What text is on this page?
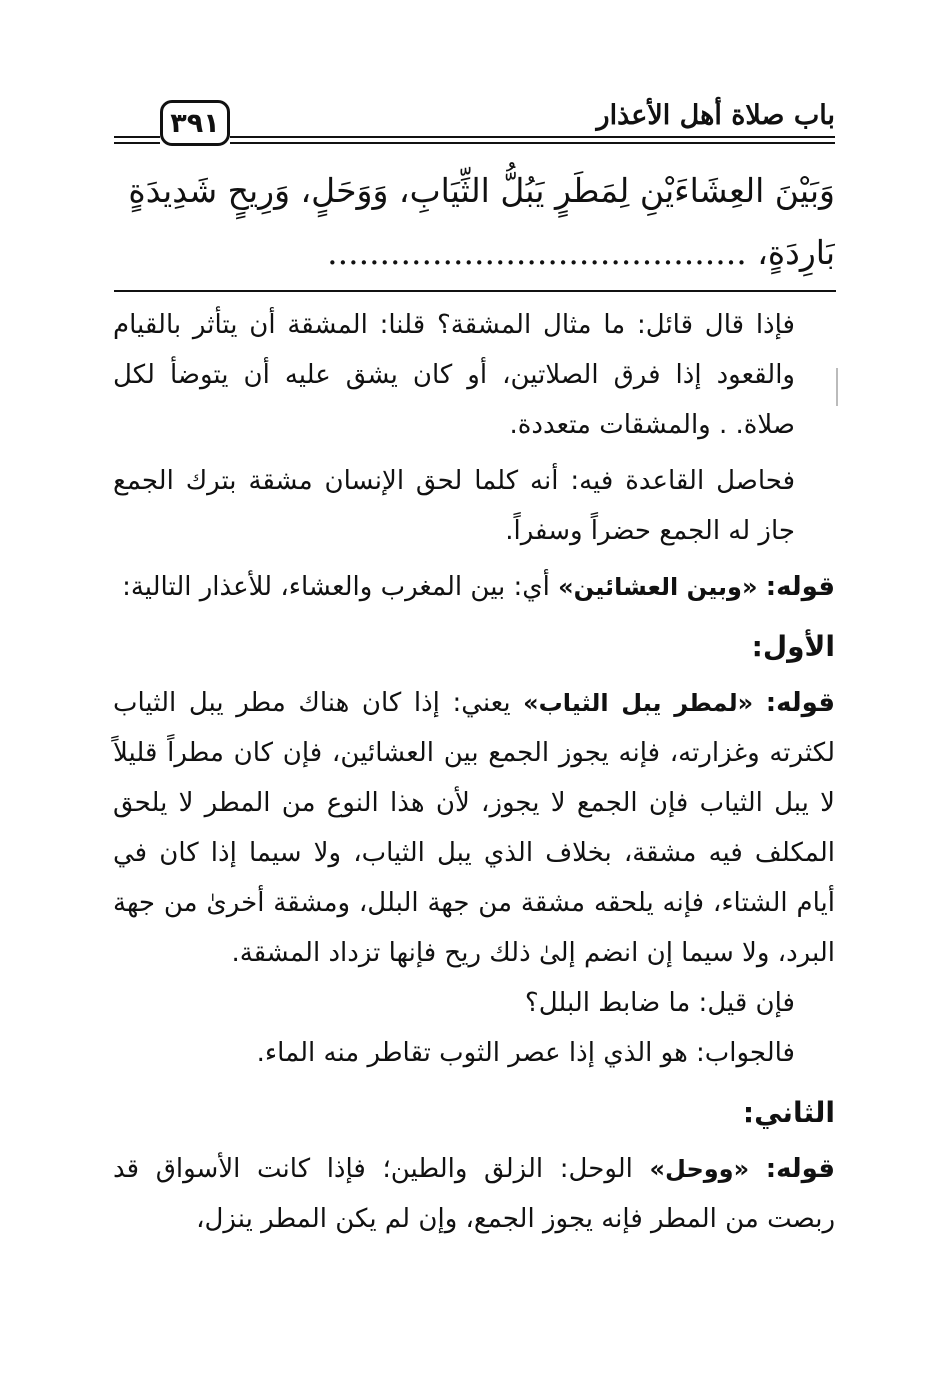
باب صلاة أهل الأعذار
٣٩١
وَبَيْنَ العِشَاءَيْنِ لِمَطَرٍ يَبُلُّ الثِّيَابِ، وَوَحَلٍ، وَرِيحٍ شَدِيدَةٍ
بَارِدَةٍ، ........................................

فإذا قال قائل: ما مثال المشقة؟ قلنا: المشقة أن يتأثر بالقيام والقعود إذا فرق الصلاتين، أو كان يشق عليه أن يتوضأ لكل صلاة. . والمشقات متعددة.

فحاصل القاعدة فيه: أنه كلما لحق الإنسان مشقة بترك الجمع جاز له الجمع حضراً وسفراً.

قوله: «وبين العشائين» أي: بين المغرب والعشاء، للأعذار التالية:

الأول:

قوله: «لمطر يبل الثياب» يعني: إذا كان هناك مطر يبل الثياب لكثرته وغزارته، فإنه يجوز الجمع بين العشائين، فإن كان مطراً قليلاً لا يبل الثياب فإن الجمع لا يجوز، لأن هذا النوع من المطر لا يلحق المكلف فيه مشقة، بخلاف الذي يبل الثياب، ولا سيما إذا كان في أيام الشتاء، فإنه يلحقه مشقة من جهة البلل، ومشقة أخرىٰ من جهة البرد، ولا سيما إن انضم إلىٰ ذلك ريح فإنها تزداد المشقة.

فإن قيل: ما ضابط البلل؟

فالجواب: هو الذي إذا عصر الثوب تقاطر منه الماء.

الثاني:

قوله: «ووحل» الوحل: الزلق والطين؛ فإذا كانت الأسواق قد ربصت من المطر فإنه يجوز الجمع، وإن لم يكن المطر ينزل،
